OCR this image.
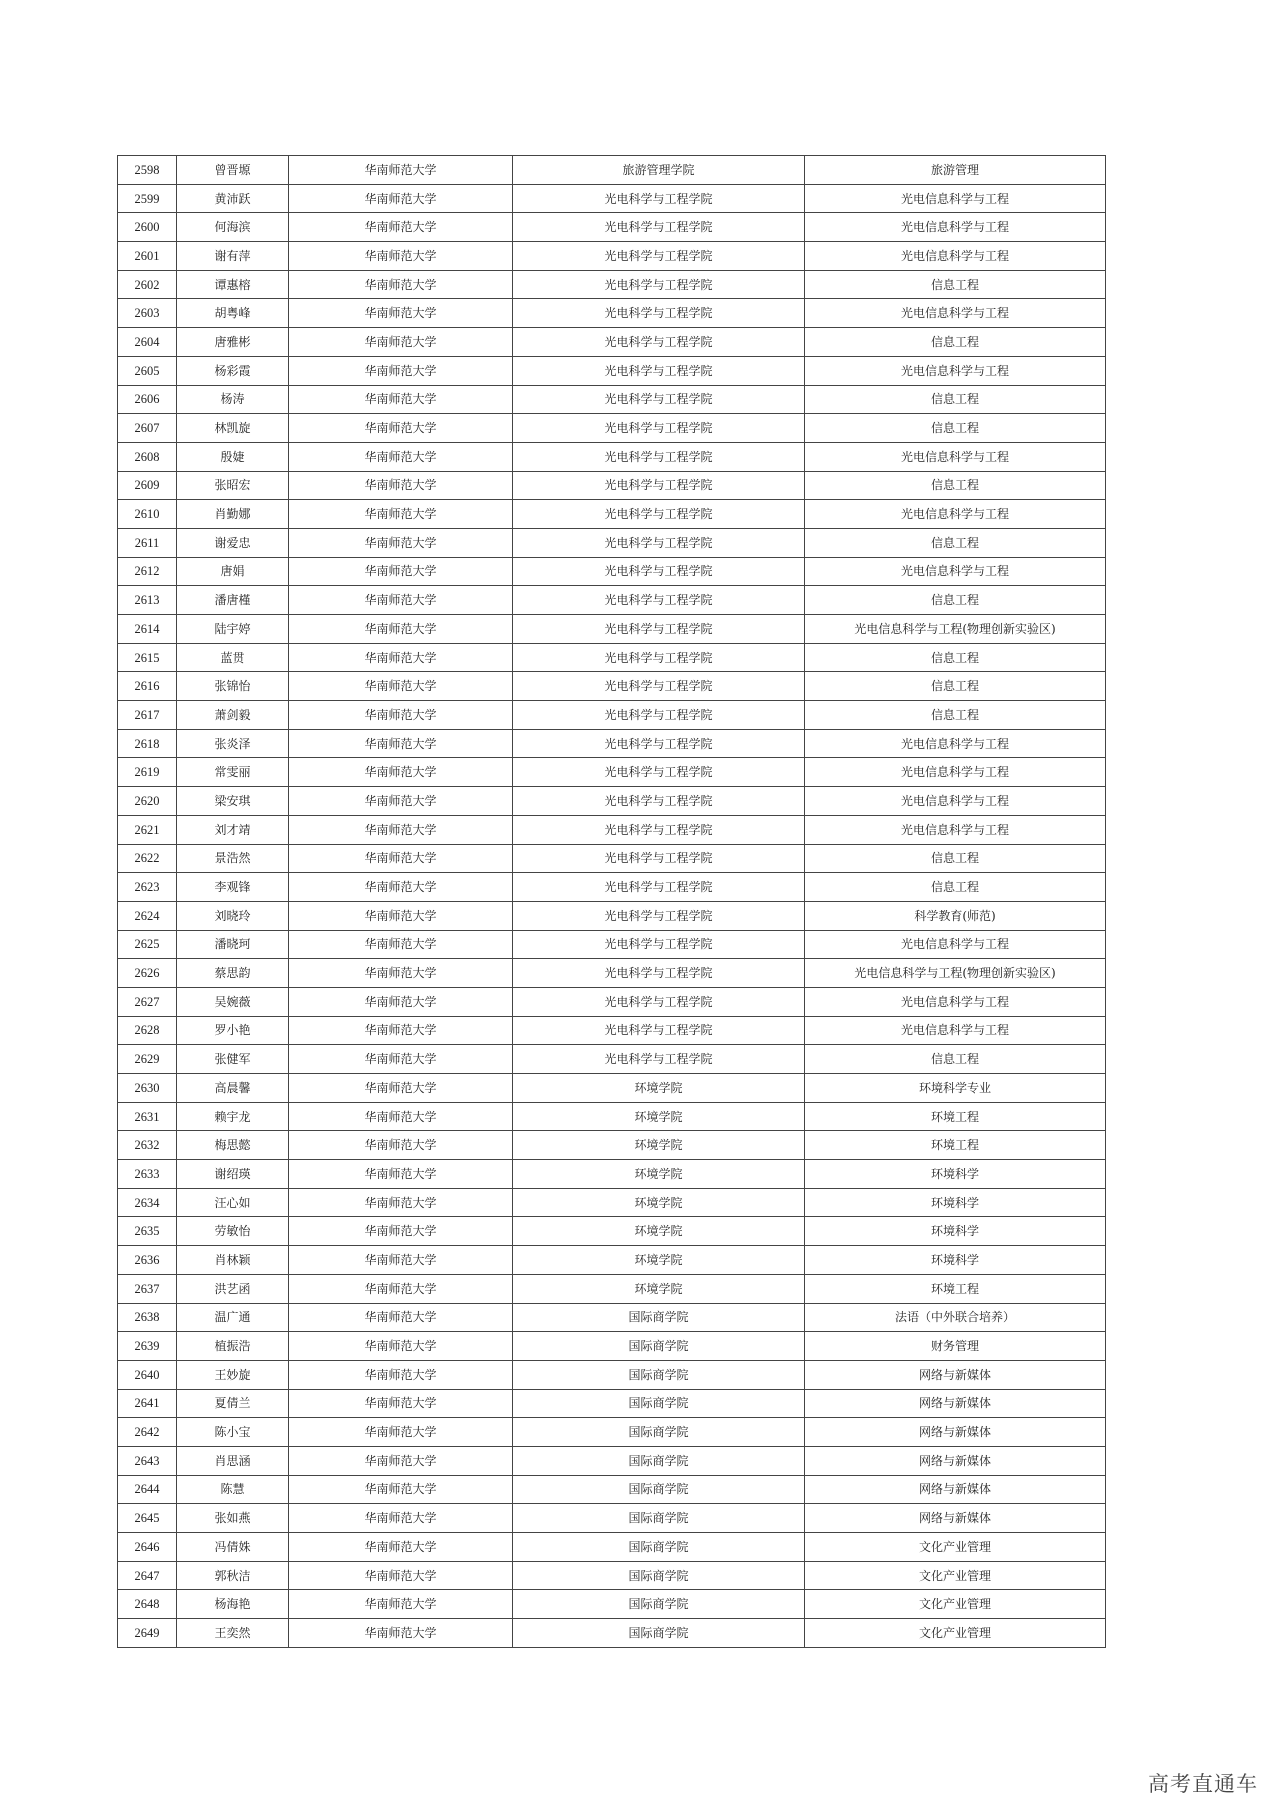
2598	曾晋塬	华南师范大学	旅游管理学院	旅游管理
2599	黄沛跃	华南师范大学	光电科学与工程学院	光电信息科学与工程
2600	何海滨	华南师范大学	光电科学与工程学院	光电信息科学与工程
2601	谢有萍	华南师范大学	光电科学与工程学院	光电信息科学与工程
2602	谭惠榕	华南师范大学	光电科学与工程学院	信息工程
2603	胡粤峰	华南师范大学	光电科学与工程学院	光电信息科学与工程
2604	唐雅彬	华南师范大学	光电科学与工程学院	信息工程
2605	杨彩霞	华南师范大学	光电科学与工程学院	光电信息科学与工程
2606	杨涛	华南师范大学	光电科学与工程学院	信息工程
2607	林凯旋	华南师范大学	光电科学与工程学院	信息工程
2608	殷婕	华南师范大学	光电科学与工程学院	光电信息科学与工程
2609	张昭宏	华南师范大学	光电科学与工程学院	信息工程
2610	肖勤娜	华南师范大学	光电科学与工程学院	光电信息科学与工程
2611	谢爱忠	华南师范大学	光电科学与工程学院	信息工程
2612	唐娟	华南师范大学	光电科学与工程学院	光电信息科学与工程
2613	潘唐槿	华南师范大学	光电科学与工程学院	信息工程
2614	陆宇婷	华南师范大学	光电科学与工程学院	光电信息科学与工程(物理创新实验区)
2615	蓝贯	华南师范大学	光电科学与工程学院	信息工程
2616	张锦怡	华南师范大学	光电科学与工程学院	信息工程
2617	萧剑毅	华南师范大学	光电科学与工程学院	信息工程
2618	张炎泽	华南师范大学	光电科学与工程学院	光电信息科学与工程
2619	常雯丽	华南师范大学	光电科学与工程学院	光电信息科学与工程
2620	梁安琪	华南师范大学	光电科学与工程学院	光电信息科学与工程
2621	刘才靖	华南师范大学	光电科学与工程学院	光电信息科学与工程
2622	景浩然	华南师范大学	光电科学与工程学院	信息工程
2623	李观锋	华南师范大学	光电科学与工程学院	信息工程
2624	刘晓玲	华南师范大学	光电科学与工程学院	科学教育(师范)
2625	潘晓珂	华南师范大学	光电科学与工程学院	光电信息科学与工程
2626	蔡思韵	华南师范大学	光电科学与工程学院	光电信息科学与工程(物理创新实验区)
2627	吴婉薇	华南师范大学	光电科学与工程学院	光电信息科学与工程
2628	罗小艳	华南师范大学	光电科学与工程学院	光电信息科学与工程
2629	张健军	华南师范大学	光电科学与工程学院	信息工程
2630	高晨馨	华南师范大学	环境学院	环境科学专业
2631	赖宇龙	华南师范大学	环境学院	环境工程
2632	梅思懿	华南师范大学	环境学院	环境工程
2633	谢绍瑛	华南师范大学	环境学院	环境科学
2634	汪心如	华南师范大学	环境学院	环境科学
2635	劳敏怡	华南师范大学	环境学院	环境科学
2636	肖林颖	华南师范大学	环境学院	环境科学
2637	洪艺函	华南师范大学	环境学院	环境工程
2638	温广通	华南师范大学	国际商学院	法语（中外联合培养）
2639	植振浩	华南师范大学	国际商学院	财务管理
2640	王妙旋	华南师范大学	国际商学院	网络与新媒体
2641	夏倩兰	华南师范大学	国际商学院	网络与新媒体
2642	陈小宝	华南师范大学	国际商学院	网络与新媒体
2643	肖思涵	华南师范大学	国际商学院	网络与新媒体
2644	陈慧	华南师范大学	国际商学院	网络与新媒体
2645	张如燕	华南师范大学	国际商学院	网络与新媒体
2646	冯倩姝	华南师范大学	国际商学院	文化产业管理
2647	郭秋洁	华南师范大学	国际商学院	文化产业管理
2648	杨海艳	华南师范大学	国际商学院	文化产业管理
2649	王奕然	华南师范大学	国际商学院	文化产业管理
高考直通车
